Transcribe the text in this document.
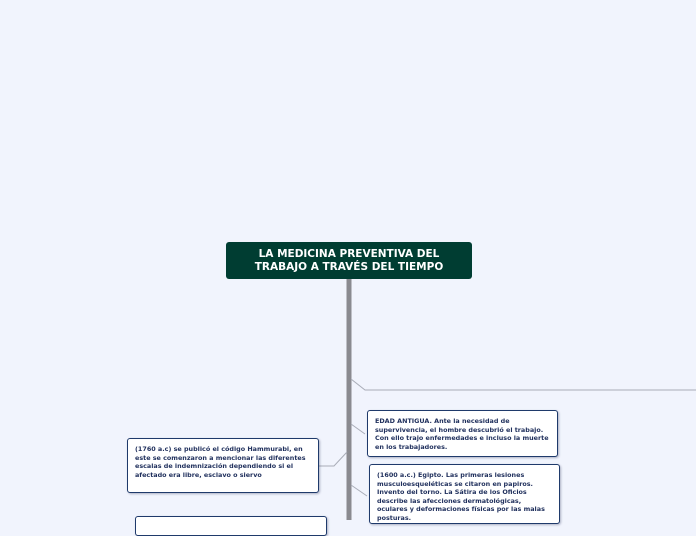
LA MEDICINA PREVENTIVA DEL
TRABAJO A TRAVÉS DEL TIEMPO
EDAD ANTIGUA. Ante la necesidad de supervivencia, el hombre descubrió el trabajo. Con ello trajo enfermedades e incluso la muerte en los trabajadores.
(1600 a.c.) Egipto. Las primeras lesiones musculoesqueléticas se citaron en papiros. Invento del torno. La Sátira de los Oficios describe las afecciones dermatológicas, oculares y deformaciones físicas por las malas posturas.
(1760 a.c) se publicó el código Hammurabi, en este se comenzaron a mencionar las diferentes escalas de indemnización dependiendo si el afectado era libre, esclavo o siervo
